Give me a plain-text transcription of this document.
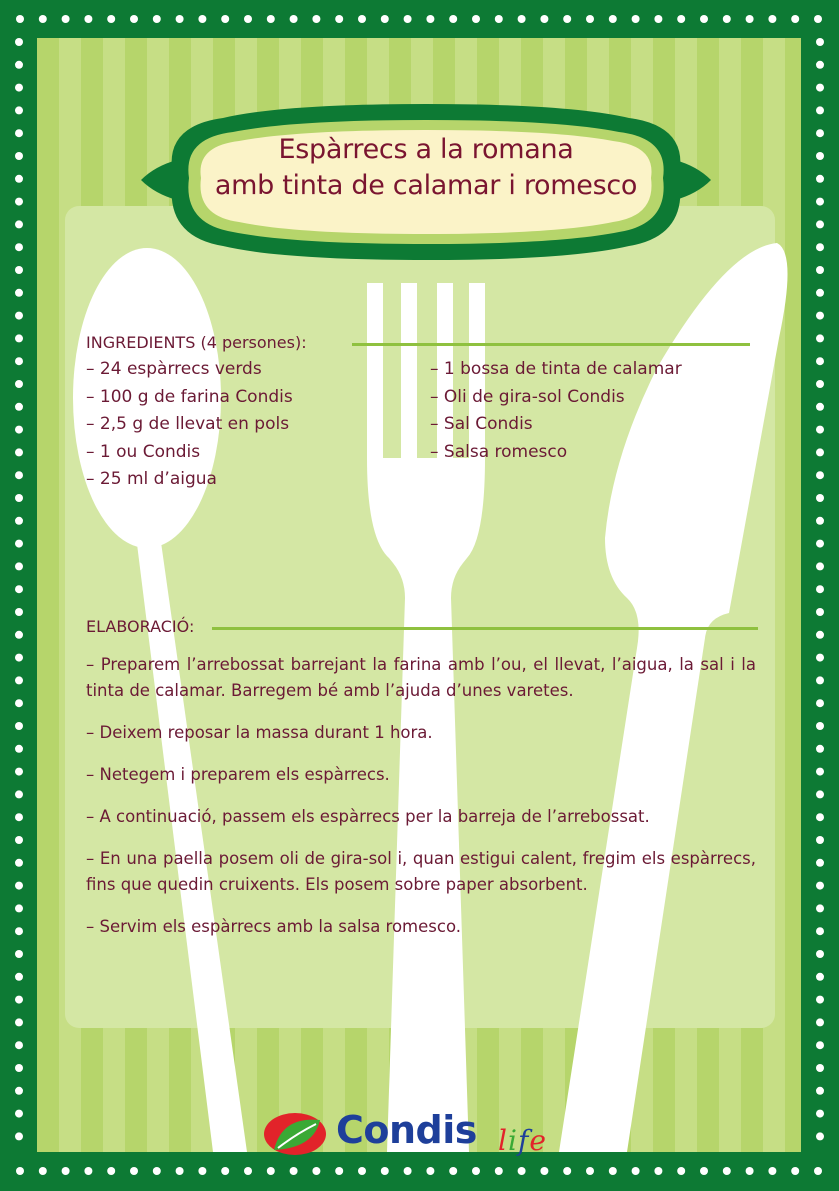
Espàrrecs a la romana
amb tinta de calamar i romesco
INGREDIENTS (4 persones):
– 24 espàrrecs verds
– 100 g de farina Condis
– 2,5 g de llevat en pols
– 1 ou Condis
– 25 ml d’aigua
– 1 bossa de tinta de calamar
– Oli de gira-sol Condis
– Sal Condis
– Salsa romesco
ELABORACIÓ:
– Preparem l’arrebossat barrejant la farina amb l’ou, el llevat, l’aigua, la sal i la tinta de calamar. Barregem bé amb l’ajuda d’unes varetes.
– Deixem reposar la massa durant 1 hora.
– Netegem i preparem els espàrrecs.
– A continuació, passem els espàrrecs per la barreja de l’arrebossat.
– En una paella posem oli de gira-sol i, quan estigui calent, fregim els espàrrecs, fins que quedin cruixents. Els posem sobre paper absorbent.
– Servim els espàrrecs amb la salsa romesco.
Condis life
